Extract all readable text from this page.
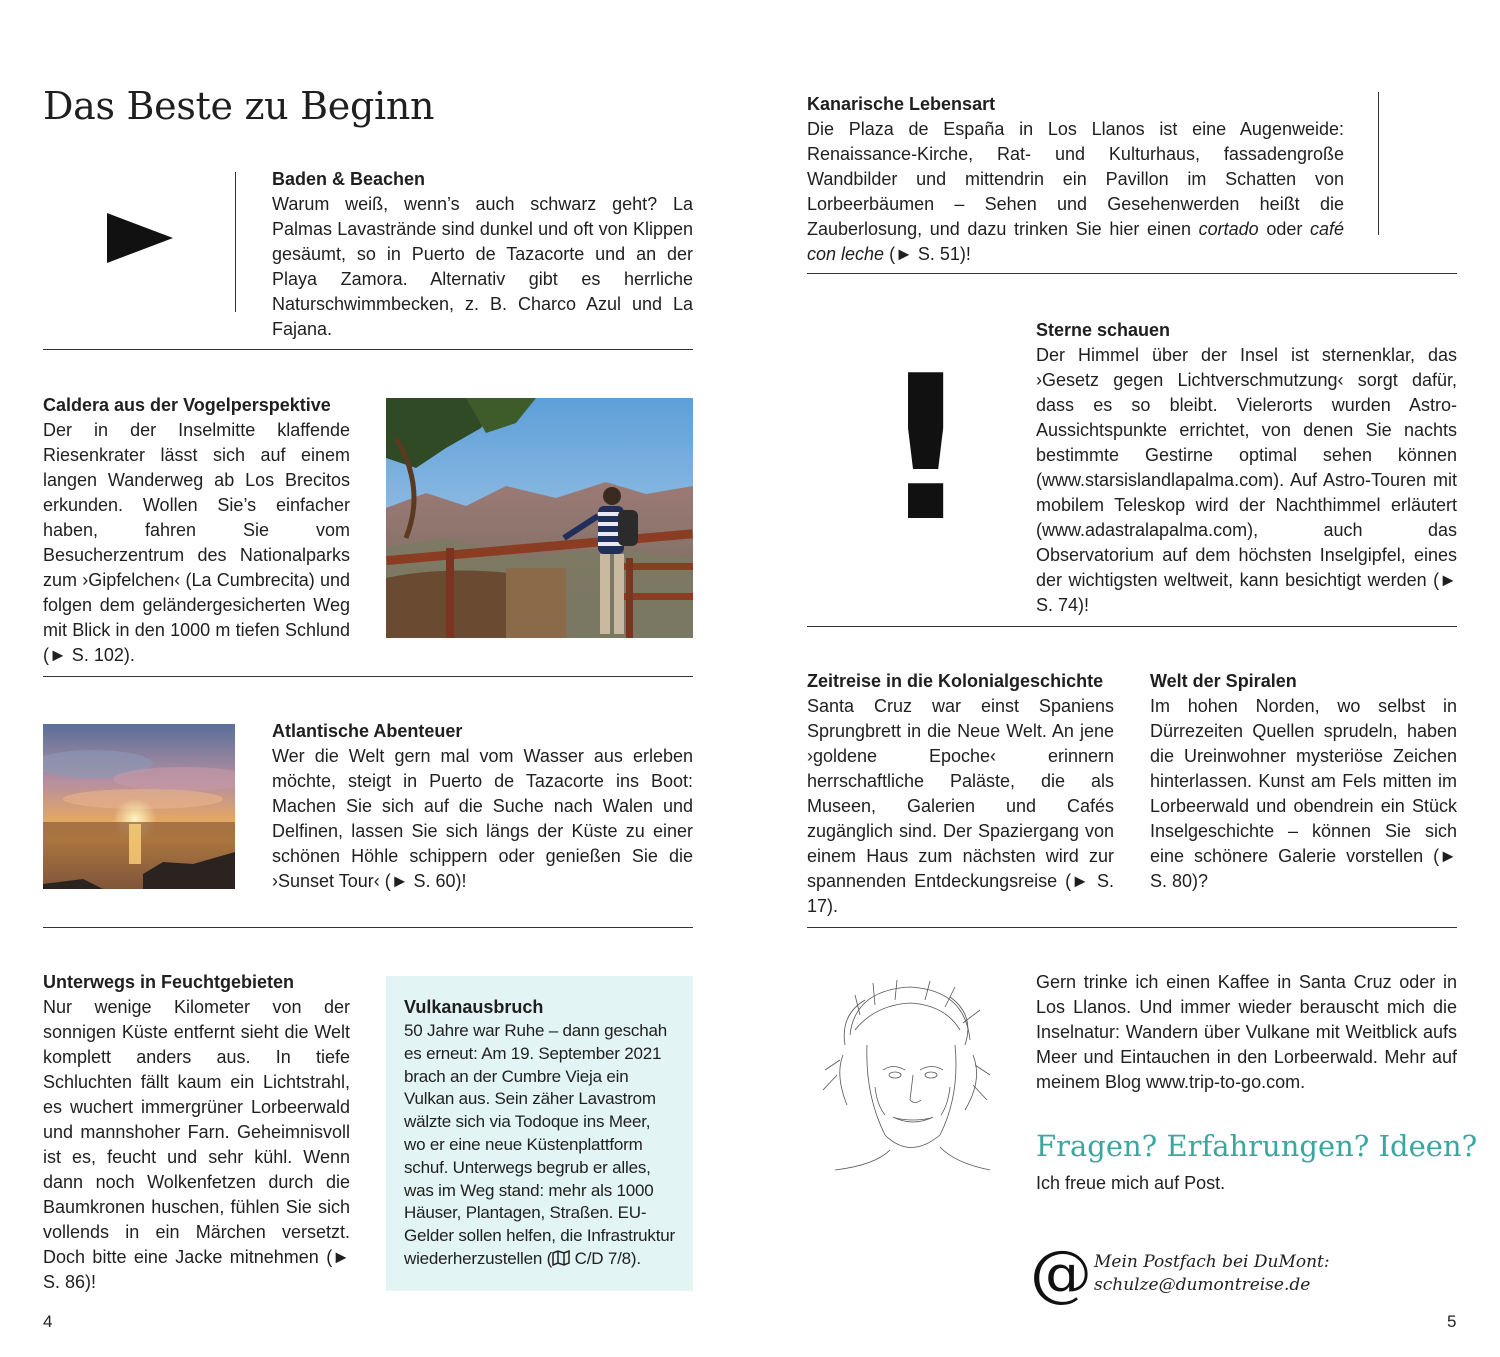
Das Beste zu Beginn

Baden & Beachen

Warum weiß, wenn’s auch schwarz geht? La Palmas Lavastrände sind dunkel und oft von Klippen gesäumt, so in Puerto de Tazacorte und an der Playa Zamora. Alternativ gibt es herrliche Naturschwimmbecken, z. B. Charco Azul und La Fajana.

Caldera aus der Vogelperspektive

Der in der Inselmitte klaffende Riesenkrater lässt sich auf einem langen Wanderweg ab Los Brecitos erkunden. Wollen Sie’s einfacher haben, fahren Sie vom Besucherzentrum des Nationalparks zum ›Gipfelchen‹ (La Cumbrecita) und folgen dem geländergesicherten Weg mit Blick in den 1000 m tiefen Schlund (► S. 102).

Atlantische Abenteuer

Wer die Welt gern mal vom Wasser aus erleben möchte, steigt in Puerto de Tazacorte ins Boot: Machen Sie sich auf die Suche nach Walen und Delfinen, lassen Sie sich längs der Küste zu einer schönen Höhle schippern oder genießen Sie die ›Sunset Tour‹ (► S. 60)!

Unterwegs in Feuchtgebieten

Nur wenige Kilometer von der sonnigen Küste entfernt sieht die Welt komplett anders aus. In tiefe Schluchten fällt kaum ein Lichtstrahl, es wuchert immergrüner Lorbeerwald und mannshoher Farn. Geheimnisvoll ist es, feucht und sehr kühl. Wenn dann noch Wolkenfetzen durch die Baumkronen huschen, fühlen Sie sich vollends in ein Märchen versetzt. Doch bitte eine Jacke mitnehmen (► S. 86)!

Vulkanausbruch

50 Jahre war Ruhe – dann geschah es erneut: Am 19. September 2021 brach an der Cumbre Vieja ein Vulkan aus. Sein zäher Lavastrom wälzte sich via Todoque ins Meer, wo er eine neue Küstenplattform schuf. Unterwegs begrub er alles, was im Weg stand: mehr als 1000 Häuser, Plantagen, Straßen. EU-Gelder sollen helfen, die Infrastruktur wiederherzustellen ( C/D 7/8).

4

Kanarische Lebensart

Die Plaza de España in Los Llanos ist eine Augenweide: Renaissance-Kirche, Rat- und Kulturhaus, fassadengroße Wandbilder und mittendrin ein Pavillon im Schatten von Lorbeerbäumen – Sehen und Gesehenwerden heißt die Zauberlosung, und dazu trinken Sie hier einen cortado oder café con leche (► S. 51)!

!

Sterne schauen

Der Himmel über der Insel ist sternenklar, das ›Gesetz gegen Lichtverschmutzung‹ sorgt dafür, dass es so bleibt. Vielerorts wurden Astro-Aussichtspunkte errichtet, von denen Sie nachts bestimmte Gestirne optimal sehen können (www.starsislandlapalma.com). Auf Astro-Touren mit mobilem Teleskop wird der Nachthimmel erläutert (www.adastralapalma.com), auch das Observatorium auf dem höchsten Inselgipfel, eines der wichtigsten weltweit, kann besichtigt werden (► S. 74)!

Zeitreise in die Kolonialgeschichte

Santa Cruz war einst Spaniens Sprungbrett in die Neue Welt. An jene ›goldene Epoche‹ erinnern herrschaftliche Paläste, die als Museen, Galerien und Cafés zugänglich sind. Der Spaziergang von einem Haus zum nächsten wird zur spannenden Entdeckungsreise (► S. 17).

Welt der Spiralen

Im hohen Norden, wo selbst in Dürrezeiten Quellen sprudeln, haben die Ureinwohner mysteriöse Zeichen hinterlassen. Kunst am Fels mitten im Lorbeerwald und obendrein ein Stück Inselgeschichte – können Sie sich eine schönere Galerie vorstellen (► S. 80)?

Gern trinke ich einen Kaffee in Santa Cruz oder in Los Llanos. Und immer wieder berauscht mich die Inselnatur: Wandern über Vulkane mit Weitblick aufs Meer und Eintauchen in den Lorbeerwald. Mehr auf meinem Blog www.trip-to-go.com.

Fragen? Erfahrungen? Ideen?

Ich freue mich auf Post.

@ Mein Postfach bei DuMont:

schulze@dumontreise.de

5
